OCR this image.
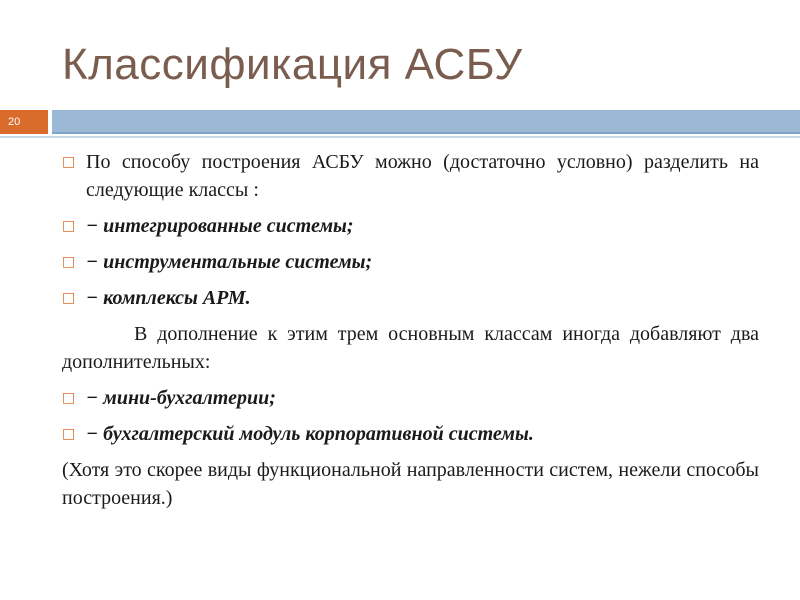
Классификация АСБУ
20
□ По способу построения АСБУ можно (достаточно условно) разделить на следующие классы :
□ − интегрированные системы;
□ − инструментальные системы;
□ − комплексы АРМ.
В дополнение к этим трем основным классам иногда добавляют два дополнительных:
□ − мини-бухгалтерии;
□ − бухгалтерский модуль корпоративной системы.
(Хотя это скорее виды функциональной направленности систем, нежели способы построения.)
